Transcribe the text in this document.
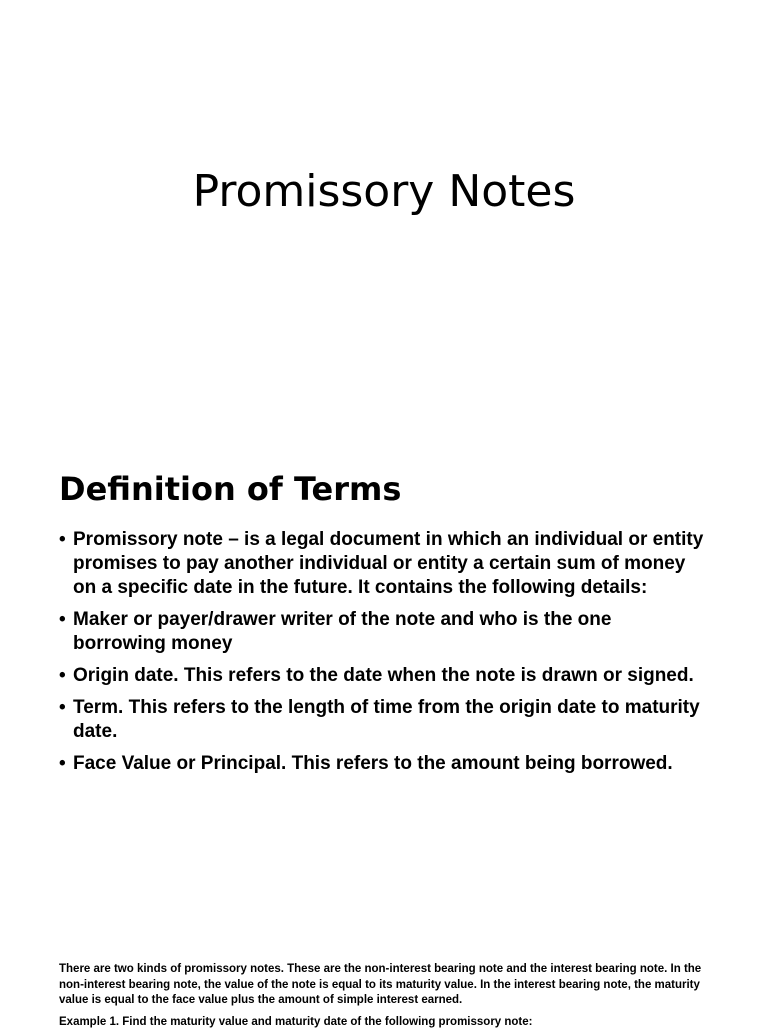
Promissory Notes
Definition of Terms
• Promissory note – is a legal document in which an individual or entity promises to pay another individual or entity a certain sum of money on a specific date in the future. It contains the following details:
• Maker or payer/drawer writer of the note and who is the one borrowing money
• Origin date. This refers to the date when the note is drawn or signed.
• Term. This refers to the length of time from the origin date to maturity date.
• Face Value or Principal. This refers to the amount being borrowed.

There are two kinds of promissory notes. These are the non-interest bearing note and the interest bearing note. In the non-interest bearing note, the value of the note is equal to its maturity value. In the interest bearing note, the maturity value is equal to the face value plus the amount of simple interest earned.

Example 1. Find the maturity value and maturity date of the following promissory note:
